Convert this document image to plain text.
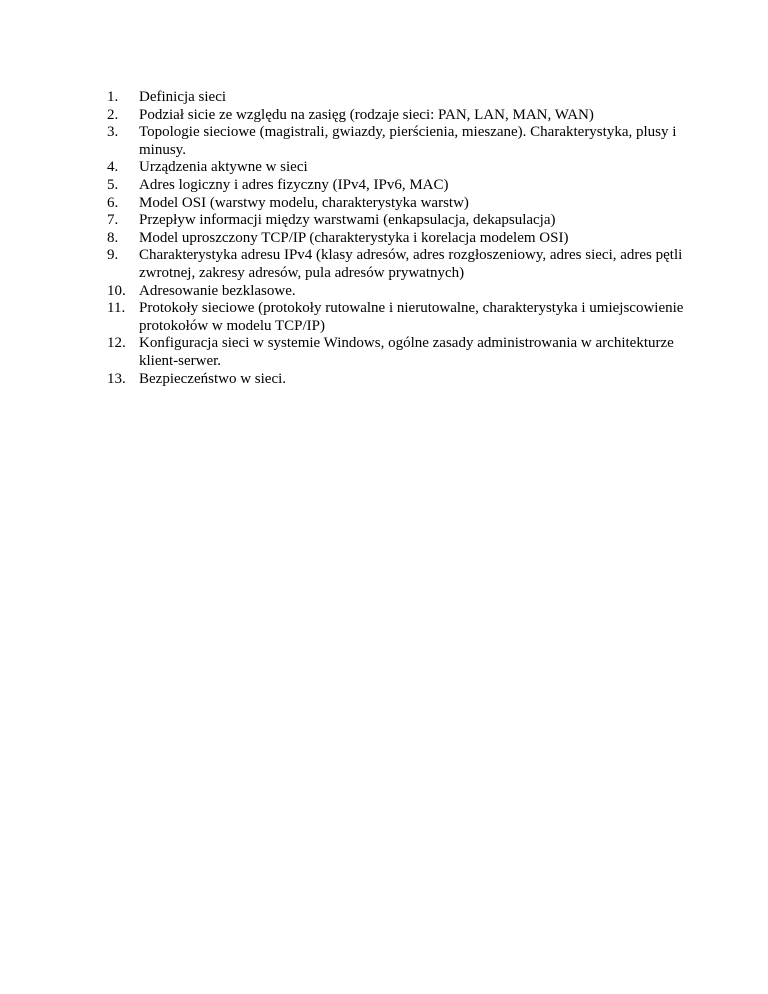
1.	Definicja sieci
2.	Podział sicie ze względu na zasięg (rodzaje sieci: PAN, LAN, MAN, WAN)
3.	Topologie sieciowe (magistrali, gwiazdy, pierścienia, mieszane). Charakterystyka, plusy i minusy.
4.	Urządzenia aktywne w sieci
5.	Adres logiczny i adres fizyczny (IPv4, IPv6, MAC)
6.	Model OSI (warstwy modelu, charakterystyka warstw)
7.	Przepływ informacji między warstwami (enkapsulacja, dekapsulacja)
8.	Model uproszczony TCP/IP (charakterystyka i korelacja modelem OSI)
9.	Charakterystyka adresu IPv4 (klasy adresów, adres rozgłoszeniowy, adres sieci, adres pętli zwrotnej, zakresy adresów, pula adresów prywatnych)
10. Adresowanie bezklasowe.
11. Protokoły sieciowe (protokoły rutowalne i nierutowalne, charakterystyka i umiejscowienie protokołów w modelu TCP/IP)
12. Konfiguracja sieci w systemie Windows, ogólne zasady administrowania w architekturze klient-serwer.
13. Bezpieczeństwo w sieci.
